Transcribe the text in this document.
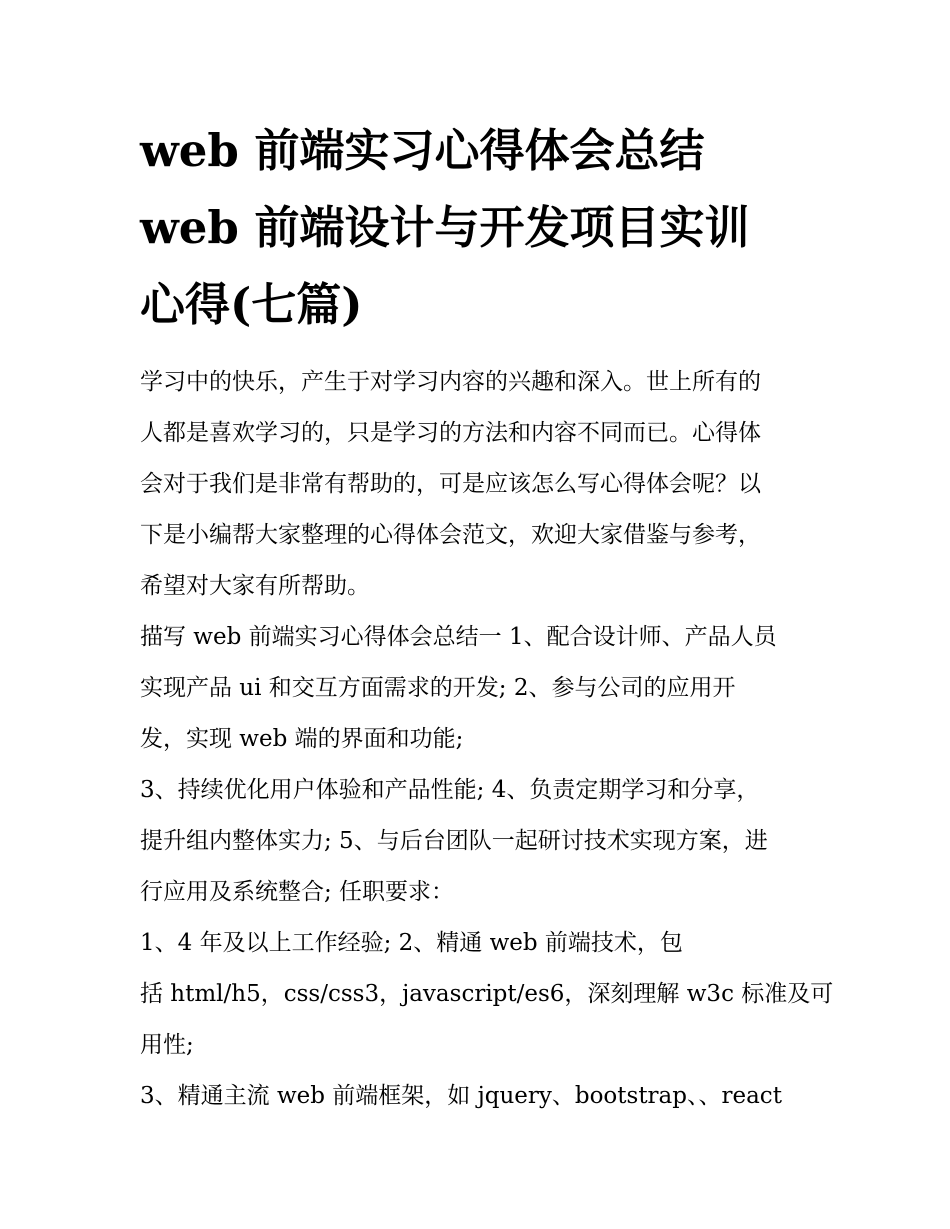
web 前端实习心得体会总结
web 前端设计与开发项目实训
心得(七篇)

学习中的快乐，产生于对学习内容的兴趣和深入。世上所有的
人都是喜欢学习的，只是学习的方法和内容不同而已。心得体
会对于我们是非常有帮助的，可是应该怎么写心得体会呢？以
下是小编帮大家整理的心得体会范文，欢迎大家借鉴与参考，
希望对大家有所帮助。

描写 web 前端实习心得体会总结一 1、配合设计师、产品人员
实现产品 ui 和交互方面需求的开发; 2、参与公司的应用开
发，实现 web 端的界面和功能;

3、持续优化用户体验和产品性能; 4、负责定期学习和分享，
提升组内整体实力; 5、与后台团队一起研讨技术实现方案，进
行应用及系统整合; 任职要求：

1、4 年及以上工作经验; 2、精通 web 前端技术，包
括 html/h5，css/css3，javascript/es6，深刻理解 w3c 标准及可
用性;

3、精通主流 web 前端框架，如 jquery、bootstrap、、react
